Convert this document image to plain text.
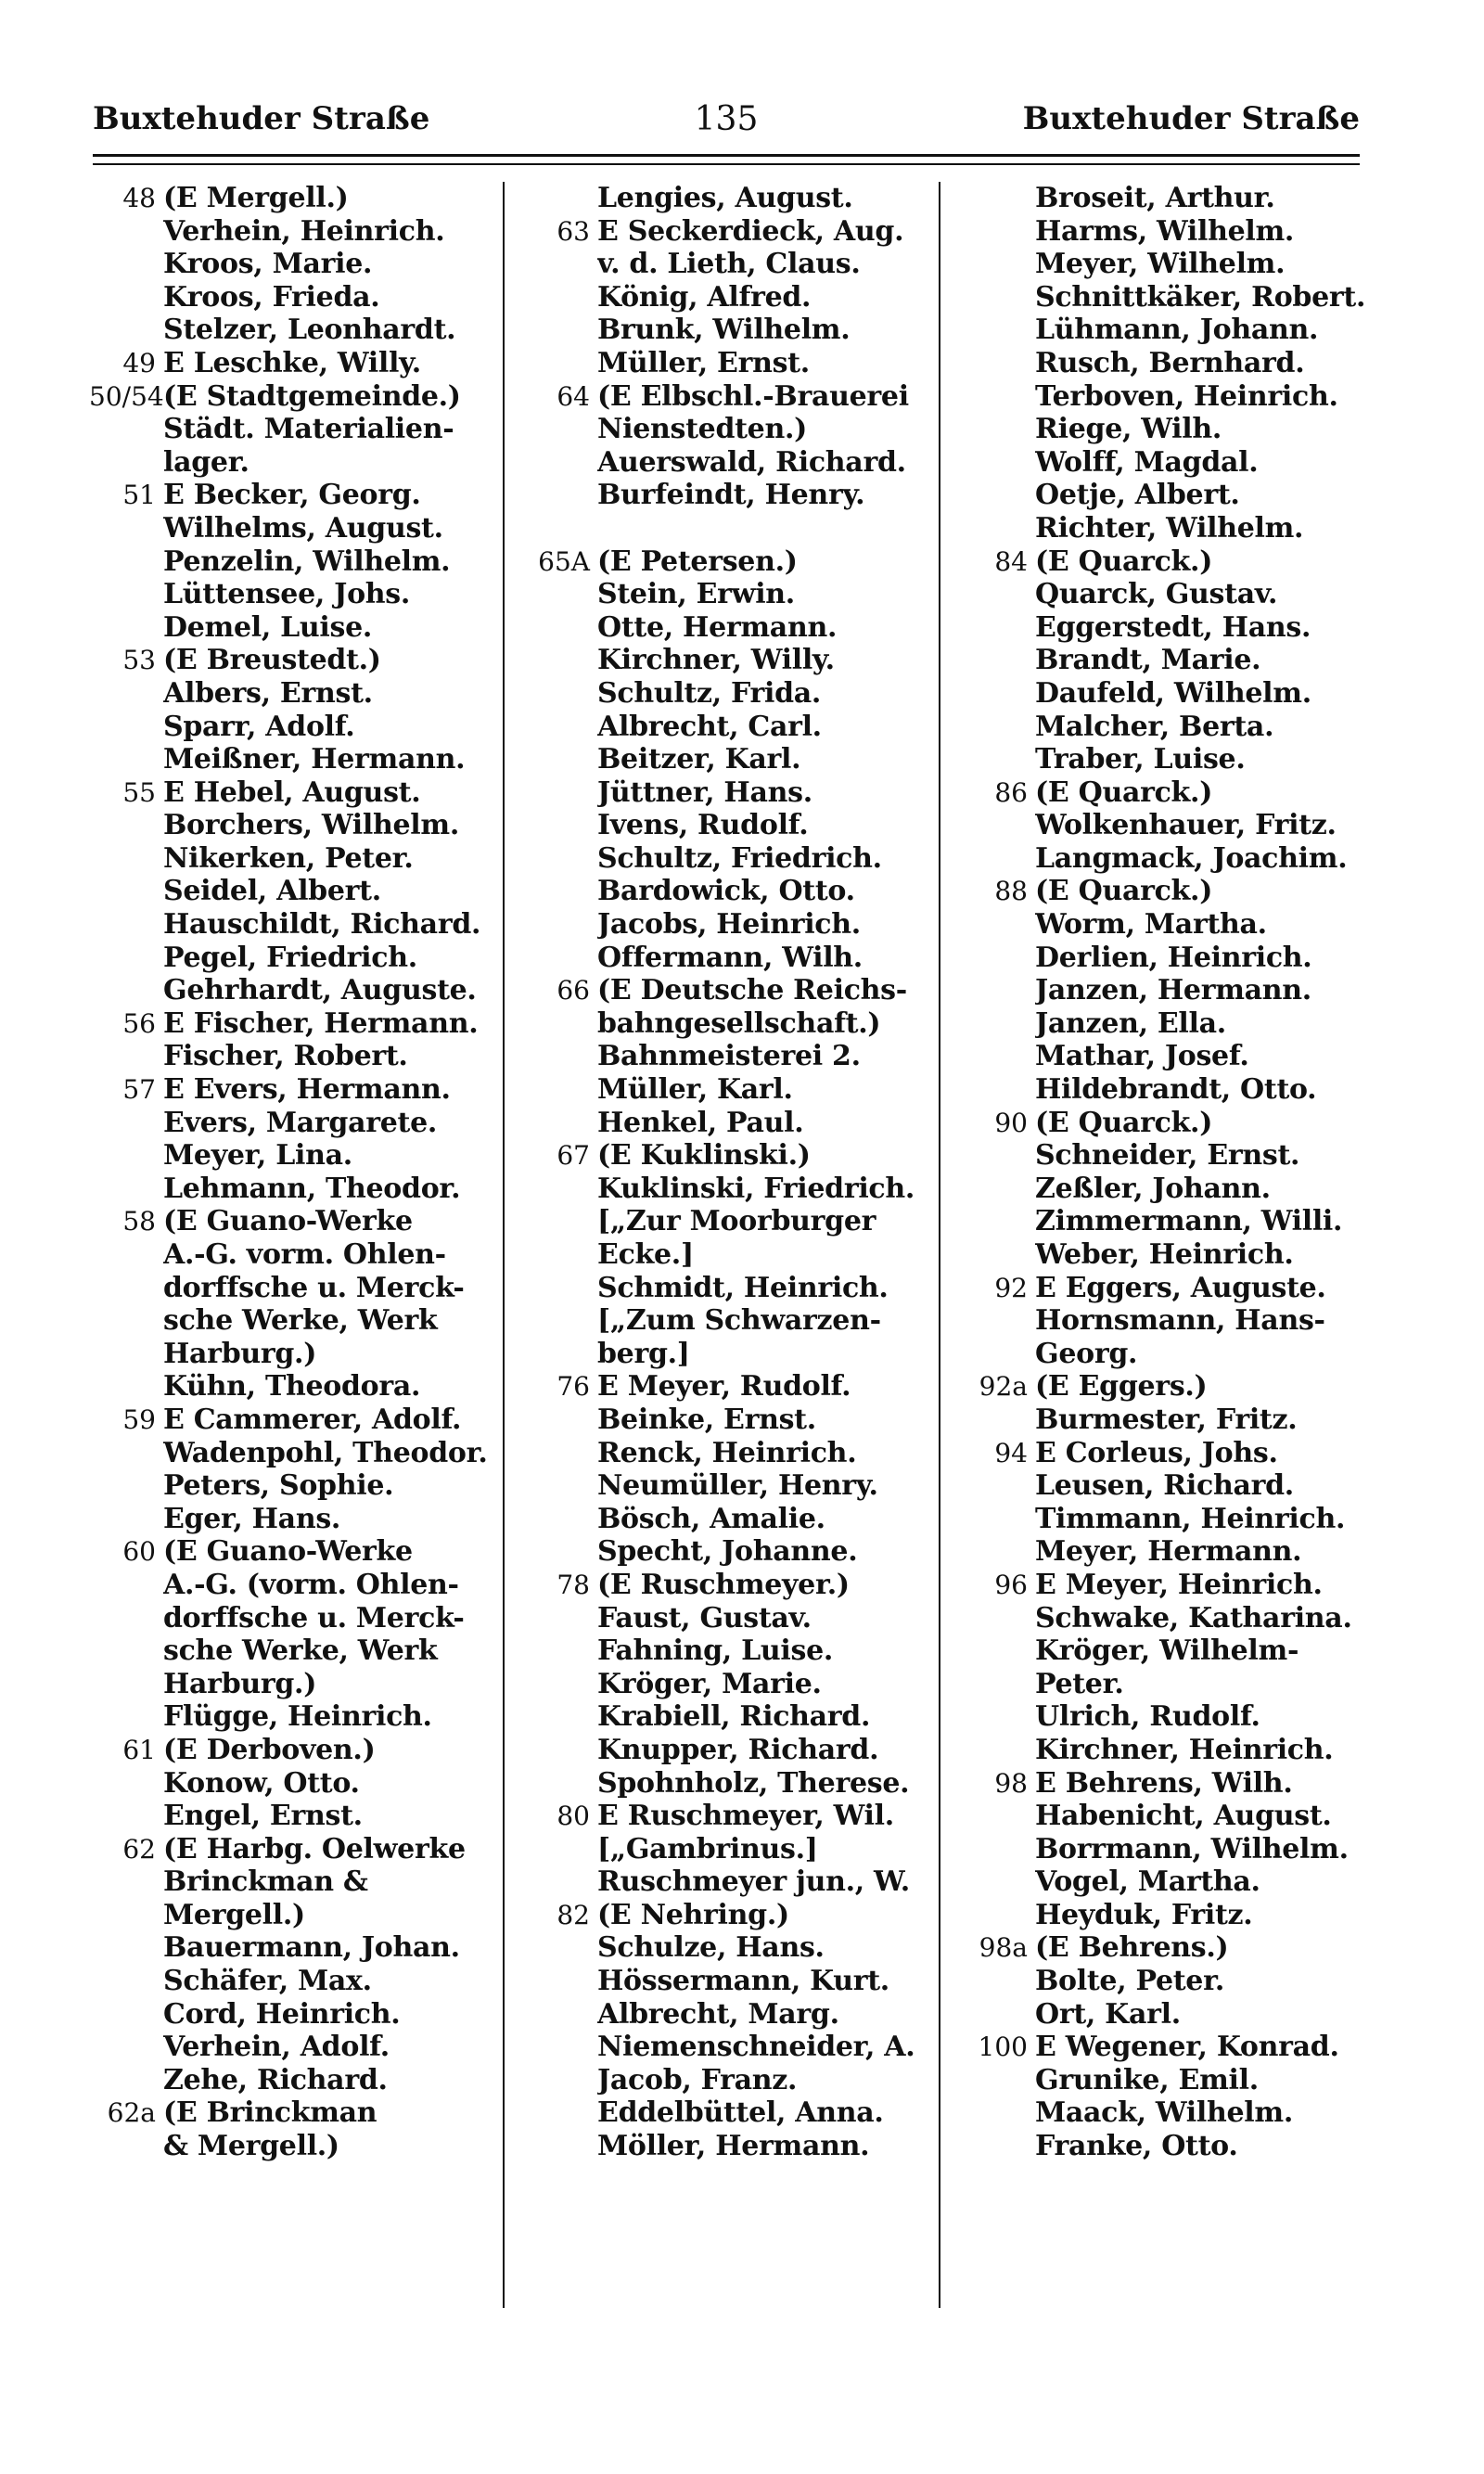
Buxtehuder Straße	135	Buxtehuder Straße
48 (E Mergell.)
Verhein, Heinrich.
Kroos, Marie.
Kroos, Frieda.
Stelzer, Leonhardt.
49 E Leschke, Willy.
50/54 (E Stadtgemeinde.)
Städt. Materialien-
lager.
51 E Becker, Georg.
Wilhelms, August.
Penzelin, Wilhelm.
Lüttensee, Johs.
Demel, Luise.
53 (E Breustedt.)
Albers, Ernst.
Sparr, Adolf.
Meißner, Hermann.
55 E Hebel, August.
Borchers, Wilhelm.
Nikerken, Peter.
Seidel, Albert.
Hauschildt, Richard.
Pegel, Friedrich.
Gehrhardt, Auguste.
56 E Fischer, Hermann.
Fischer, Robert.
57 E Evers, Hermann.
Evers, Margarete.
Meyer, Lina.
Lehmann, Theodor.
58 (E Guano-Werke
A.-G. vorm. Ohlen-
dorffsche u. Merck-
sche Werke, Werk
Harburg.)
Kühn, Theodora.
59 E Cammerer, Adolf.
Wadenpohl, Theodor.
Peters, Sophie.
Eger, Hans.
60 (E Guano-Werke
A.-G. (vorm. Ohlen-
dorffsche u. Merck-
sche Werke, Werk
Harburg.)
Flügge, Heinrich.
61 (E Derboven.)
Konow, Otto.
Engel, Ernst.
62 (E Harbg. Oelwerke
Brinckman &
Mergell.)
Bauermann, Johan.
Schäfer, Max.
Cord, Heinrich.
Verhein, Adolf.
Zehe, Richard.
62a (E Brinckman
& Mergell.)
Lengies, August.
63 E Seckerdieck, Aug.
v. d. Lieth, Claus.
König, Alfred.
Brunk, Wilhelm.
Müller, Ernst.
64 (E Elbschl.-Brauerei
Nienstedten.)
Auerswald, Richard.
Burfeindt, Henry.
65A (E Petersen.)
Stein, Erwin.
Otte, Hermann.
Kirchner, Willy.
Schultz, Frida.
Albrecht, Carl.
Beitzer, Karl.
Jüttner, Hans.
Ivens, Rudolf.
Schultz, Friedrich.
Bardowick, Otto.
Jacobs, Heinrich.
Offermann, Wilh.
66 (E Deutsche Reichs-
bahngesellschaft.)
Bahnmeisterei 2.
Müller, Karl.
Henkel, Paul.
67 (E Kuklinski.)
Kuklinski, Friedrich.
[„Zur Moorburger
Ecke.]
Schmidt, Heinrich.
[„Zum Schwarzen-
berg.]
76 E Meyer, Rudolf.
Beinke, Ernst.
Renck, Heinrich.
Neumüller, Henry.
Bösch, Amalie.
Specht, Johanne.
78 (E Ruschmeyer.)
Faust, Gustav.
Fahning, Luise.
Kröger, Marie.
Krabiell, Richard.
Knupper, Richard.
Spohnholz, Therese.
80 E Ruschmeyer, Wil.
[„Gambrinus.]
Ruschmeyer jun., W.
82 (E Nehring.)
Schulze, Hans.
Hössermann, Kurt.
Albrecht, Marg.
Niemenschneider, A.
Jacob, Franz.
Eddelbüttel, Anna.
Möller, Hermann.
Broseit, Arthur.
Harms, Wilhelm.
Meyer, Wilhelm.
Schnittkäker, Robert.
Lühmann, Johann.
Rusch, Bernhard.
Terboven, Heinrich.
Riege, Wilh.
Wolff, Magdal.
Oetje, Albert.
Richter, Wilhelm.
84 (E Quarck.)
Quarck, Gustav.
Eggerstedt, Hans.
Brandt, Marie.
Daufeld, Wilhelm.
Malcher, Berta.
Traber, Luise.
86 (E Quarck.)
Wolkenhauer, Fritz.
Langmack, Joachim.
88 (E Quarck.)
Worm, Martha.
Derlien, Heinrich.
Janzen, Hermann.
Janzen, Ella.
Mathar, Josef.
Hildebrandt, Otto.
90 (E Quarck.)
Schneider, Ernst.
Zeßler, Johann.
Zimmermann, Willi.
Weber, Heinrich.
92 E Eggers, Auguste.
Hornsmann, Hans-
Georg.
92a (E Eggers.)
Burmester, Fritz.
94 E Corleus, Johs.
Leusen, Richard.
Timmann, Heinrich.
Meyer, Hermann.
96 E Meyer, Heinrich.
Schwake, Katharina.
Kröger, Wilhelm-
Peter.
Ulrich, Rudolf.
Kirchner, Heinrich.
98 E Behrens, Wilh.
Habenicht, August.
Borrmann, Wilhelm.
Vogel, Martha.
Heyduk, Fritz.
98a (E Behrens.)
Bolte, Peter.
Ort, Karl.
100 E Wegener, Konrad.
Grunike, Emil.
Maack, Wilhelm.
Franke, Otto.
